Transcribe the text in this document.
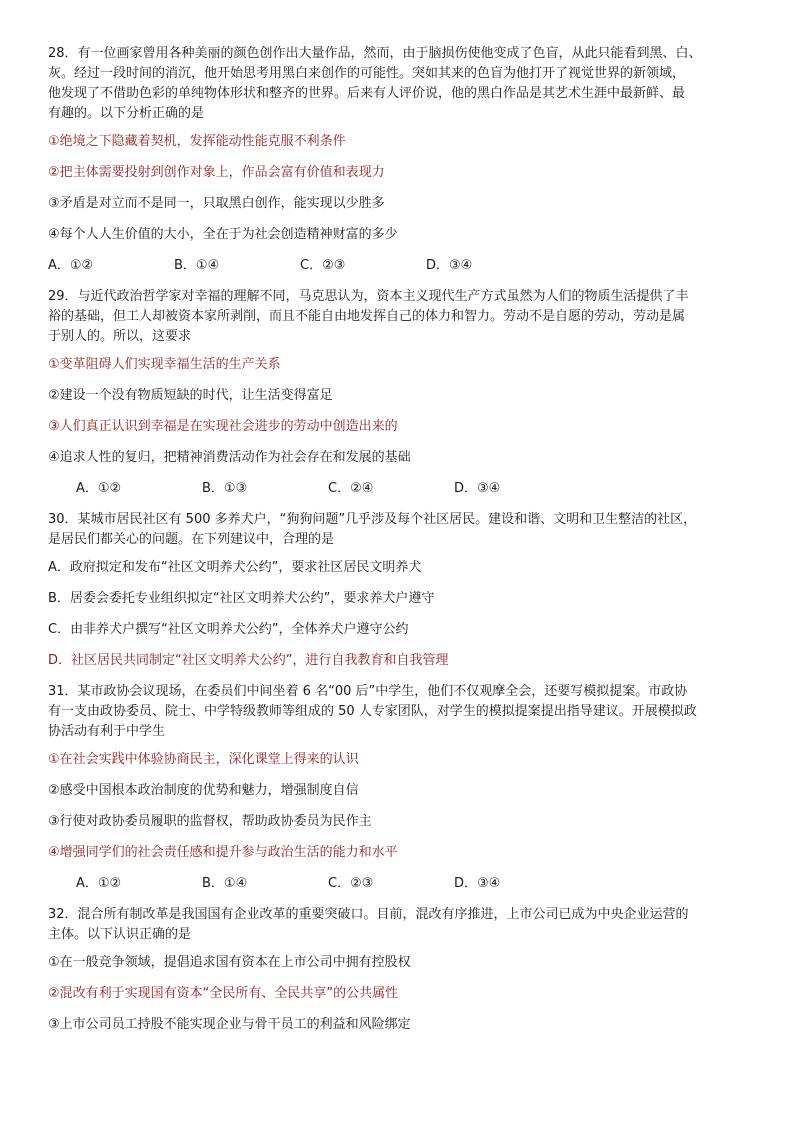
28．有一位画家曾用各种美丽的颜色创作出大量作品，然而，由于脑损伤使他变成了色盲，从此只能看到黑、白、
灰。经过一段时间的消沉，他开始思考用黑白来创作的可能性。突如其来的色盲为他打开了视觉世界的新领域，
他发现了不借助色彩的单纯物体形状和整齐的世界。后来有人评价说，他的黑白作品是其艺术生涯中最新鲜、最
有趣的。以下分析正确的是
①绝境之下隐藏着契机，发挥能动性能克服不利条件
②把主体需要投射到创作对象上，作品会富有价值和表现力
③矛盾是对立而不是同一，只取黑白创作，能实现以少胜多
④每个人人生价值的大小，全在于为社会创造精神财富的多少
A．①②	B．①④	C．②③	D．③④
29．与近代政治哲学家对幸福的理解不同，马克思认为，资本主义现代生产方式虽然为人们的物质生活提供了丰
裕的基础，但工人却被资本家所剥削，而且不能自由地发挥自己的体力和智力。劳动不是自愿的劳动，劳动是属
于别人的。所以，这要求
①变革阻碍人们实现幸福生活的生产关系
②建设一个没有物质短缺的时代，让生活变得富足
③人们真正认识到幸福是在实现社会进步的劳动中创造出来的
④追求人性的复归，把精神消费活动作为社会存在和发展的基础
A．①②	B．①③	C．②④	D．③④
30．某城市居民社区有 500 多养犬户，“狗狗问题”几乎涉及每个社区居民。建设和谐、文明和卫生整洁的社区，
是居民们都关心的问题。在下列建议中，合理的是
A．政府拟定和发布“社区文明养犬公约”，要求社区居民文明养犬
B．居委会委托专业组织拟定“社区文明养犬公约”，要求养犬户遵守
C．由非养犬户撰写“社区文明养犬公约”，全体养犬户遵守公约
D．社区居民共同制定“社区文明养犬公约”，进行自我教育和自我管理
31．某市政协会议现场，在委员们中间坐着 6 名“00 后”中学生，他们不仅观摩全会，还要写模拟提案。市政协
有一支由政协委员、院士、中学特级教师等组成的 50 人专家团队，对学生的模拟提案提出指导建议。开展模拟政
协活动有利于中学生
①在社会实践中体验协商民主，深化课堂上得来的认识
②感受中国根本政治制度的优势和魅力，增强制度自信
③行使对政协委员履职的监督权，帮助政协委员为民作主
④增强同学们的社会责任感和提升参与政治生活的能力和水平
A．①②	B．①④	C．②③	D．③④
32．混合所有制改革是我国国有企业改革的重要突破口。目前，混改有序推进，上市公司已成为中央企业运营的
主体。以下认识正确的是
①在一般竞争领域，提倡追求国有资本在上市公司中拥有控股权
②混改有利于实现国有资本“全民所有、全民共享”的公共属性
③上市公司员工持股不能实现企业与骨干员工的利益和风险绑定
